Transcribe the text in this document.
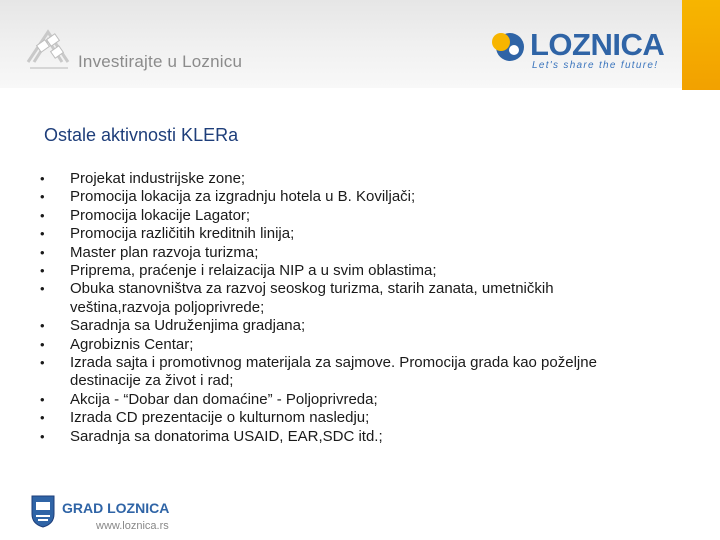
Investirajte u Loznicu	LOZNICA
Let's share the future!
Ostale aktivnosti KLERa
•	Projekat industrijske zone;
•	Promocija lokacija za izgradnju hotela u B. Koviljači;
•	Promocija lokacije Lagator;
•	Promocija različitih kreditnih linija;
•	Master plan razvoja turizma;
•	Priprema, praćenje i relaizacija NIP a u svim oblastima;
•	Obuka stanovništva za razvoj seoskog turizma, starih zanata, umetničkih veština,razvoja poljoprivrede;
•	Saradnja sa Udruženjima gradjana;
•	Agrobiznis Centar;
•	Izrada sajta i promotivnog materijala za sajmove. Promocija grada kao poželjne destinacije za život i rad;
•	Akcija - “Dobar dan domaćine” - Poljoprivreda;
•	Izrada CD prezentacije o kulturnom nasledju;
•	Saradnja sa donatorima USAID, EAR,SDC itd.;
GRAD LOZNICA
www.loznica.rs
